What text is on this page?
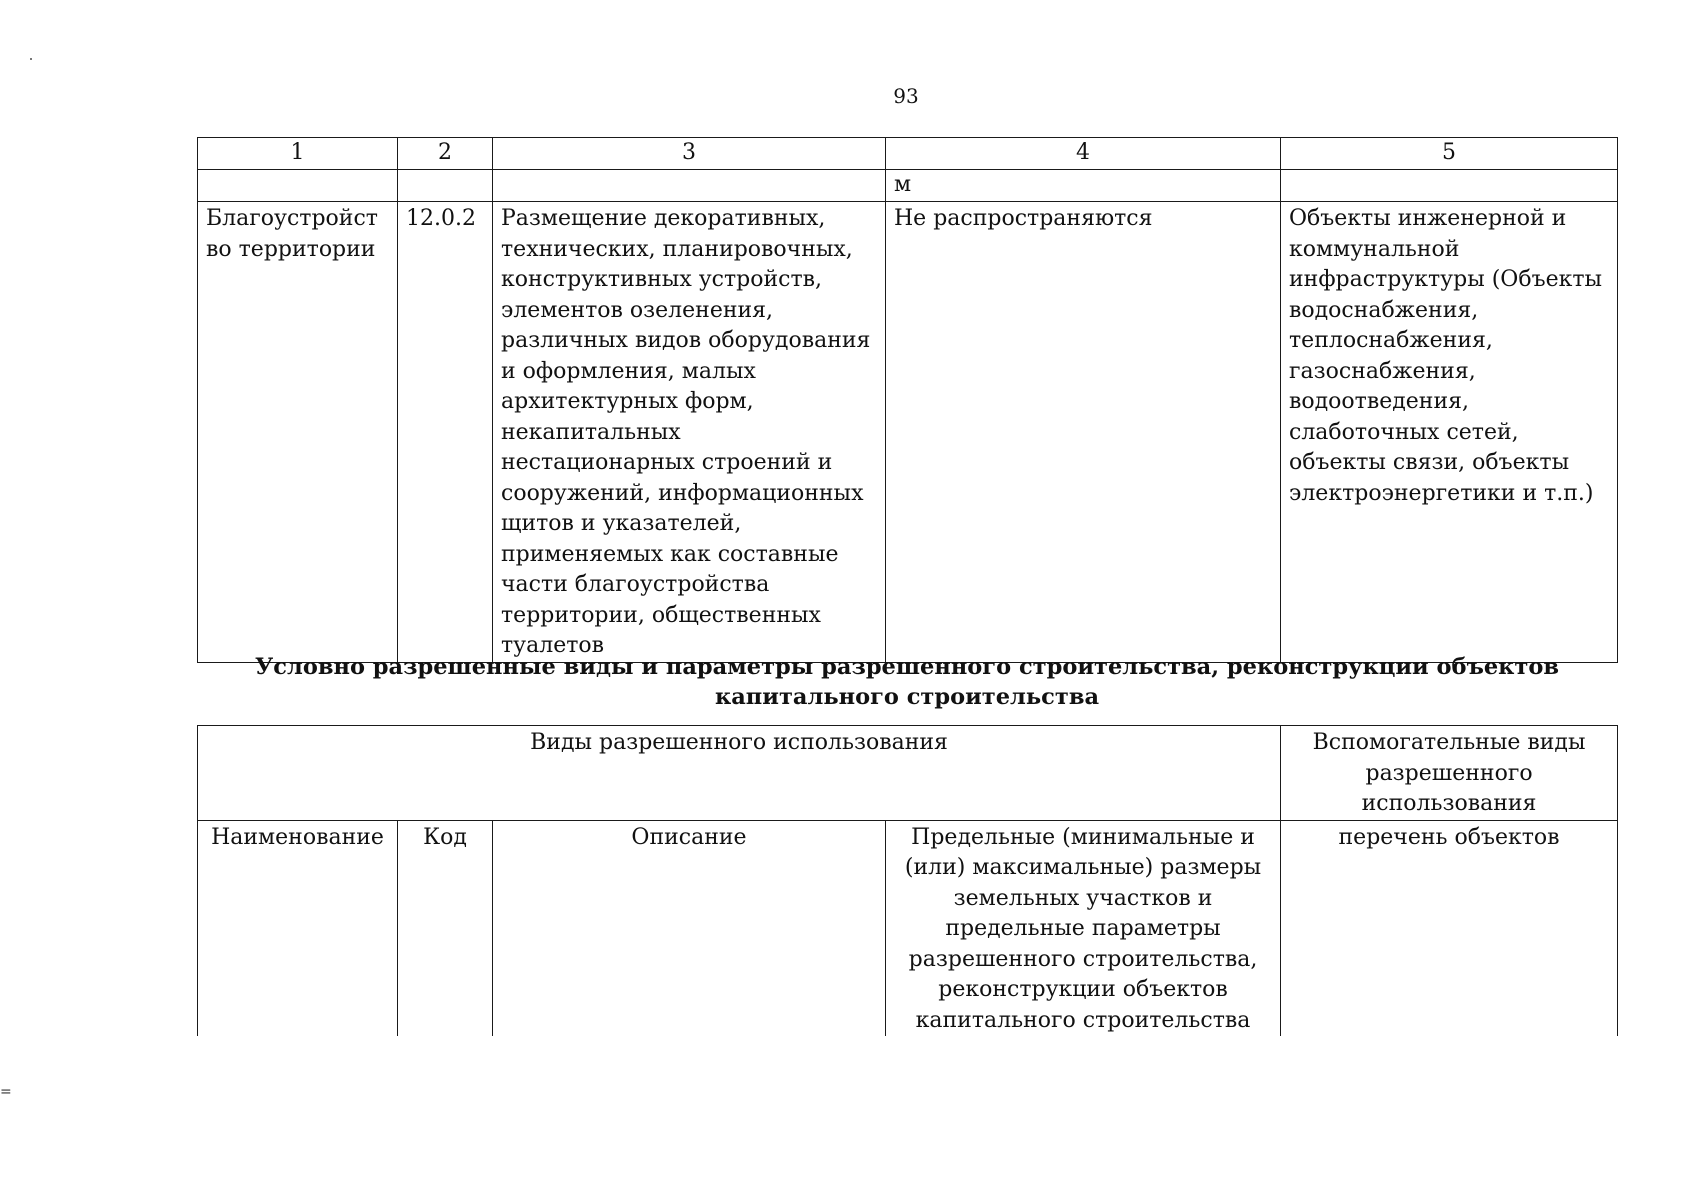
93
1	2	3	4	5
			м	
Благоустройство территории	12.0.2	Размещение декоративных, технических, планировочных, конструктивных устройств, элементов озеленения, различных видов оборудования и оформления, малых архитектурных форм, некапитальных нестационарных строений и сооружений, информационных щитов и указателей, применяемых как составные части благоустройства территории, общественных туалетов	Не распространяются	Объекты инженерной и коммунальной инфраструктуры (Объекты водоснабжения, теплоснабжения, газоснабжения, водоотведения, слаботочных сетей, объекты связи, объекты электроэнергетики и т.п.)
Условно разрешенные виды и параметры разрешенного строительства, реконструкции объектов капитального строительства
Виды разрешенного использования				Вспомогательные виды разрешенного использования
Наименование	Код	Описание	Предельные (минимальные и (или) максимальные) размеры земельных участков и предельные параметры разрешенного строительства, реконструкции объектов капитального строительства	перечень объектов
=
